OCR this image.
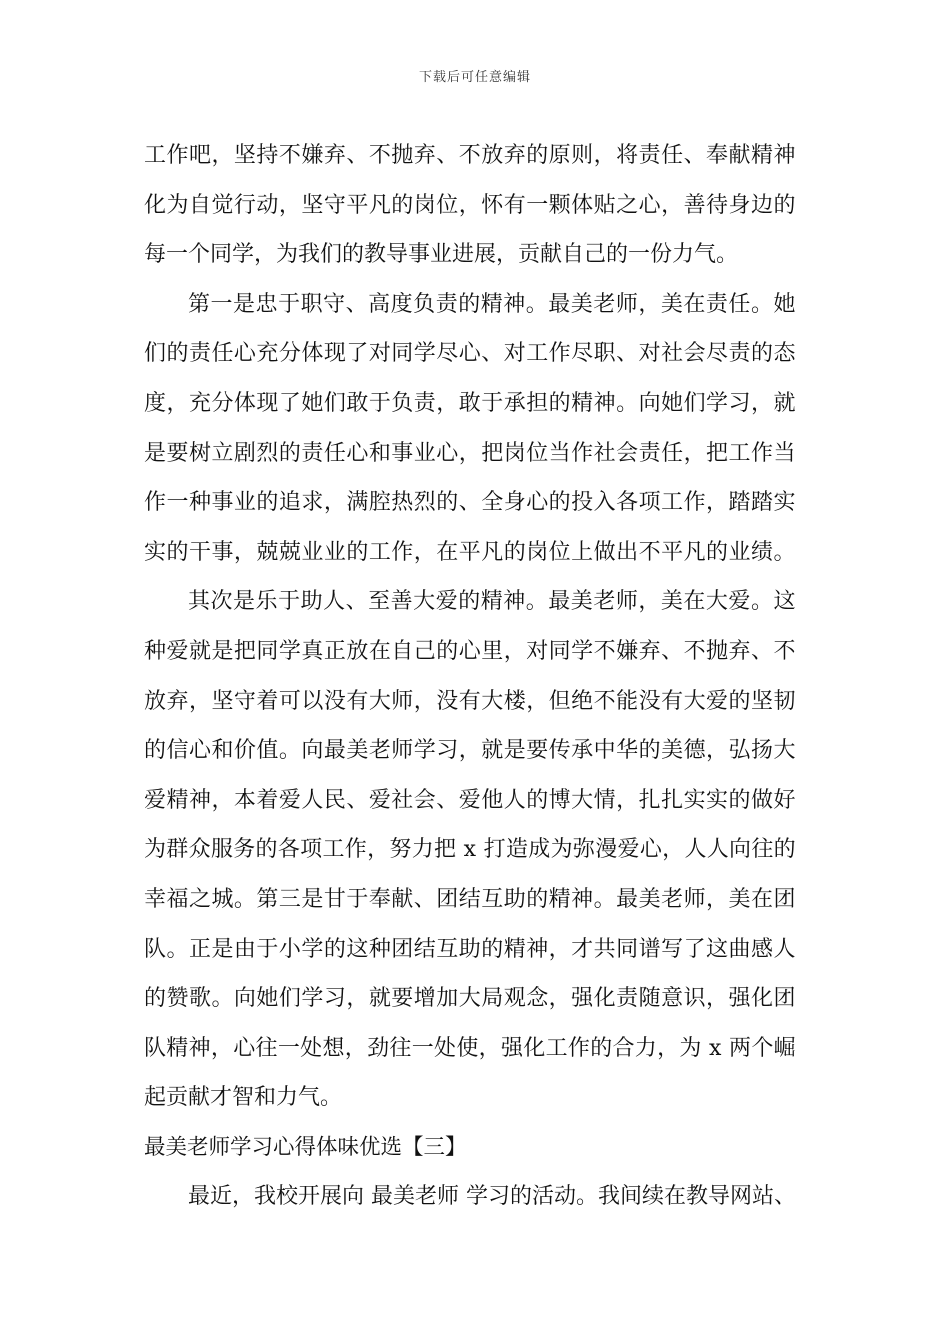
下载后可任意编辑
工作吧，坚持不嫌弃、不抛弃、不放弃的原则，将责任、奉献精神
化为自觉行动，坚守平凡的岗位，怀有一颗体贴之心，善待身边的
每一个同学，为我们的教导事业进展，贡献自己的一份力气。
第一是忠于职守、高度负责的精神。最美老师，美在责任。她
们的责任心充分体现了对同学尽心、对工作尽职、对社会尽责的态
度，充分体现了她们敢于负责，敢于承担的精神。向她们学习，就
是要树立剧烈的责任心和事业心，把岗位当作社会责任，把工作当
作一种事业的追求，满腔热烈的、全身心的投入各项工作，踏踏实
实的干事，兢兢业业的工作，在平凡的岗位上做出不平凡的业绩。
其次是乐于助人、至善大爱的精神。最美老师，美在大爱。这
种爱就是把同学真正放在自己的心里，对同学不嫌弃、不抛弃、不
放弃，坚守着可以没有大师，没有大楼，但绝不能没有大爱的坚韧
的信心和价值。向最美老师学习，就是要传承中华的美德，弘扬大
爱精神，本着爱人民、爱社会、爱他人的博大情，扎扎实实的做好
为群众服务的各项工作，努力把 x 打造成为弥漫爱心，人人向往的
幸福之城。第三是甘于奉献、团结互助的精神。最美老师，美在团
队。正是由于小学的这种团结互助的精神，才共同谱写了这曲感人
的赞歌。向她们学习，就要增加大局观念，强化责随意识，强化团
队精神，心往一处想，劲往一处使，强化工作的合力，为 x 两个崛
起贡献才智和力气。
最美老师学习心得体味优选【三】
最近，我校开展向 最美老师 学习的活动。我间续在教导网站、
